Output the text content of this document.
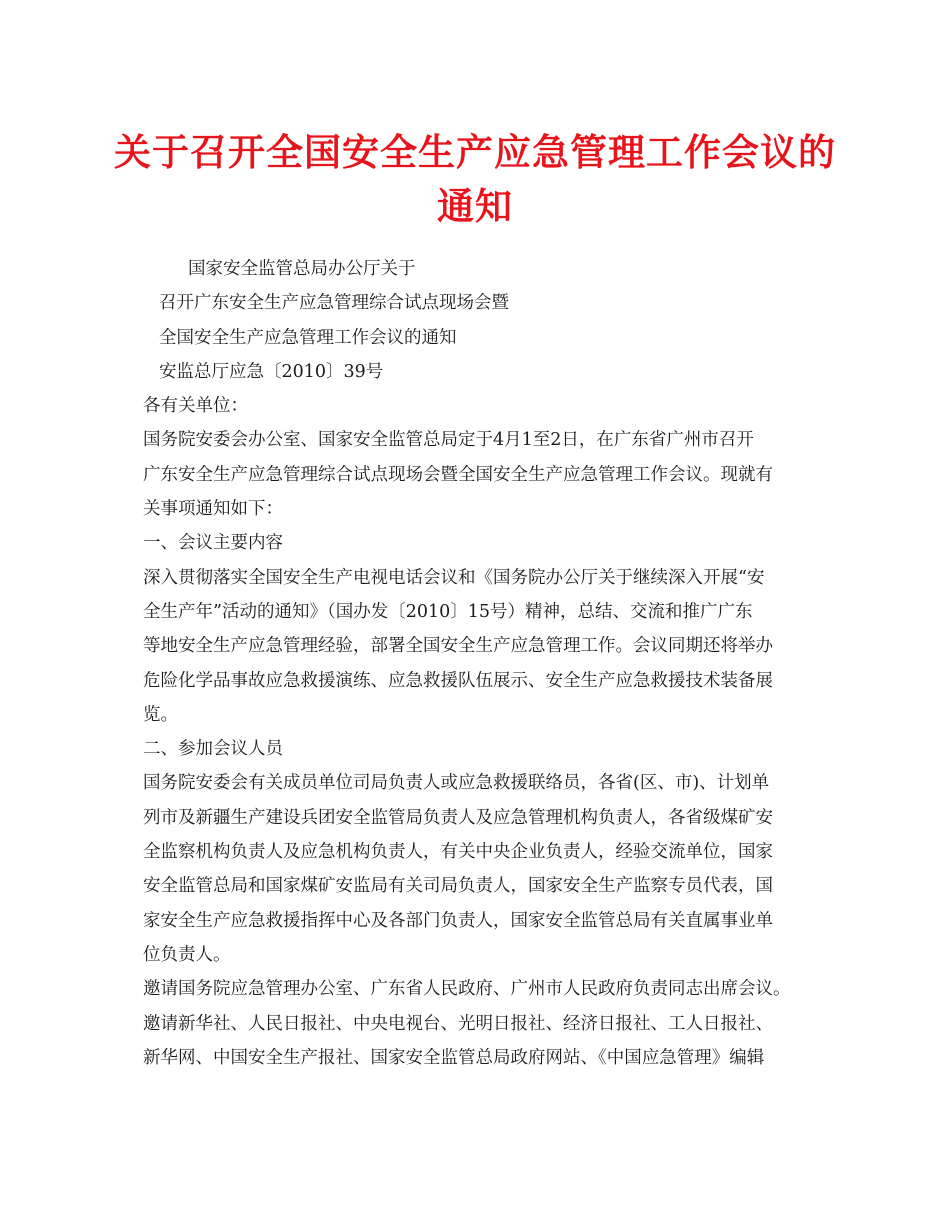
关于召开全国安全生产应急管理工作会议的
通知
国家安全监管总局办公厅关于
召开广东安全生产应急管理综合试点现场会暨
全国安全生产应急管理工作会议的通知
安监总厅应急〔2010〕39号
各有关单位：
国务院安委会办公室、国家安全监管总局定于4月1至2日，在广东省广州市召开
广东安全生产应急管理综合试点现场会暨全国安全生产应急管理工作会议。现就有
关事项通知如下：
一、会议主要内容
深入贯彻落实全国安全生产电视电话会议和《国务院办公厅关于继续深入开展“安
全生产年”活动的通知》（国办发〔2010〕15号）精神，总结、交流和推广广东
等地安全生产应急管理经验，部署全国安全生产应急管理工作。会议同期还将举办
危险化学品事故应急救援演练、应急救援队伍展示、安全生产应急救援技术装备展
览。
二、参加会议人员
国务院安委会有关成员单位司局负责人或应急救援联络员，各省(区、市)、计划单
列市及新疆生产建设兵团安全监管局负责人及应急管理机构负责人，各省级煤矿安
全监察机构负责人及应急机构负责人，有关中央企业负责人，经验交流单位，国家
安全监管总局和国家煤矿安监局有关司局负责人，国家安全生产监察专员代表，国
家安全生产应急救援指挥中心及各部门负责人，国家安全监管总局有关直属事业单
位负责人。
邀请国务院应急管理办公室、广东省人民政府、广州市人民政府负责同志出席会议。
邀请新华社、人民日报社、中央电视台、光明日报社、经济日报社、工人日报社、
新华网、中国安全生产报社、国家安全监管总局政府网站、《中国应急管理》编辑
